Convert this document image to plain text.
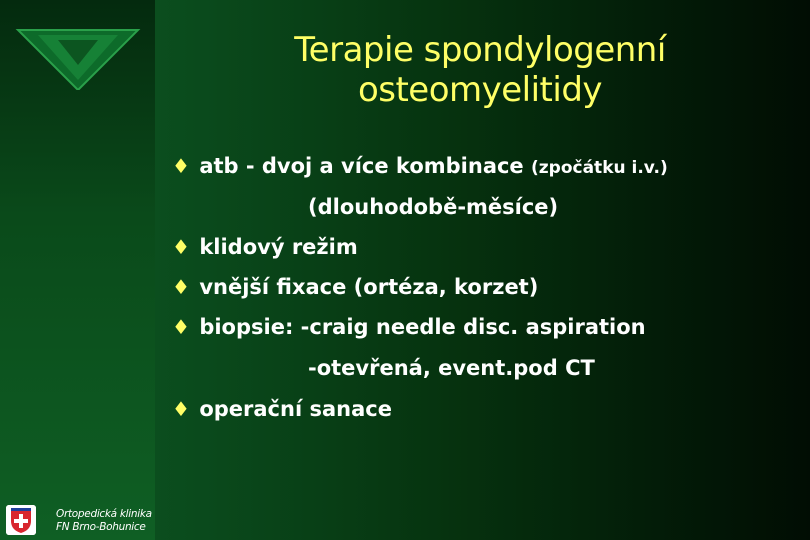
Terapie spondylogenní
osteomyelitidy
♦ atb - dvoj a více kombinace (zpočátku i.v.)
(dlouhodobě-měsíce)
♦ klidový režim
♦ vnější fixace (ortéza, korzet)
♦ biopsie: -craig needle disc. aspiration
-otevřená, event.pod CT
♦ operační sanace
Ortopedická klinika
FN Brno-Bohunice
